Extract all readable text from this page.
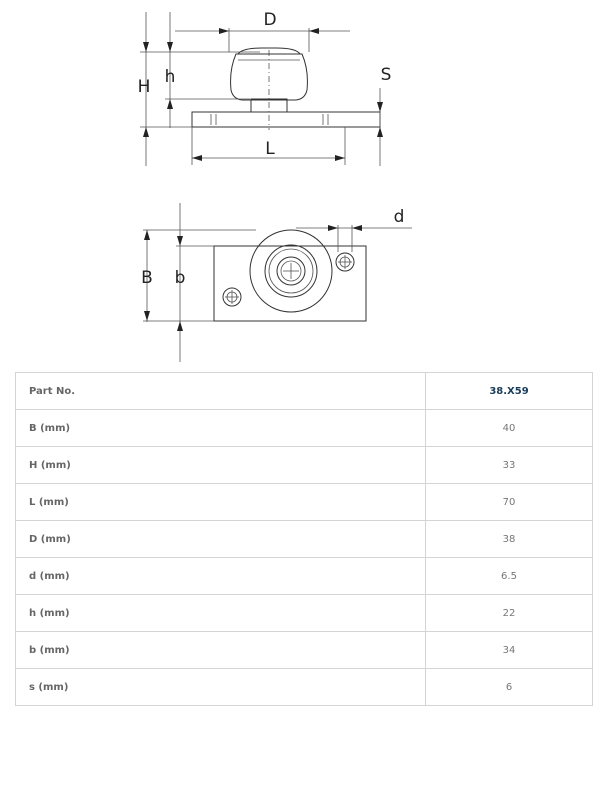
D
H h	S
L
d
B b
Part No.	38.X59
B (mm)	40
H (mm)	33
L (mm)	70
D (mm)	38
d (mm)	6.5
h (mm)	22
b (mm)	34
s (mm)	6
